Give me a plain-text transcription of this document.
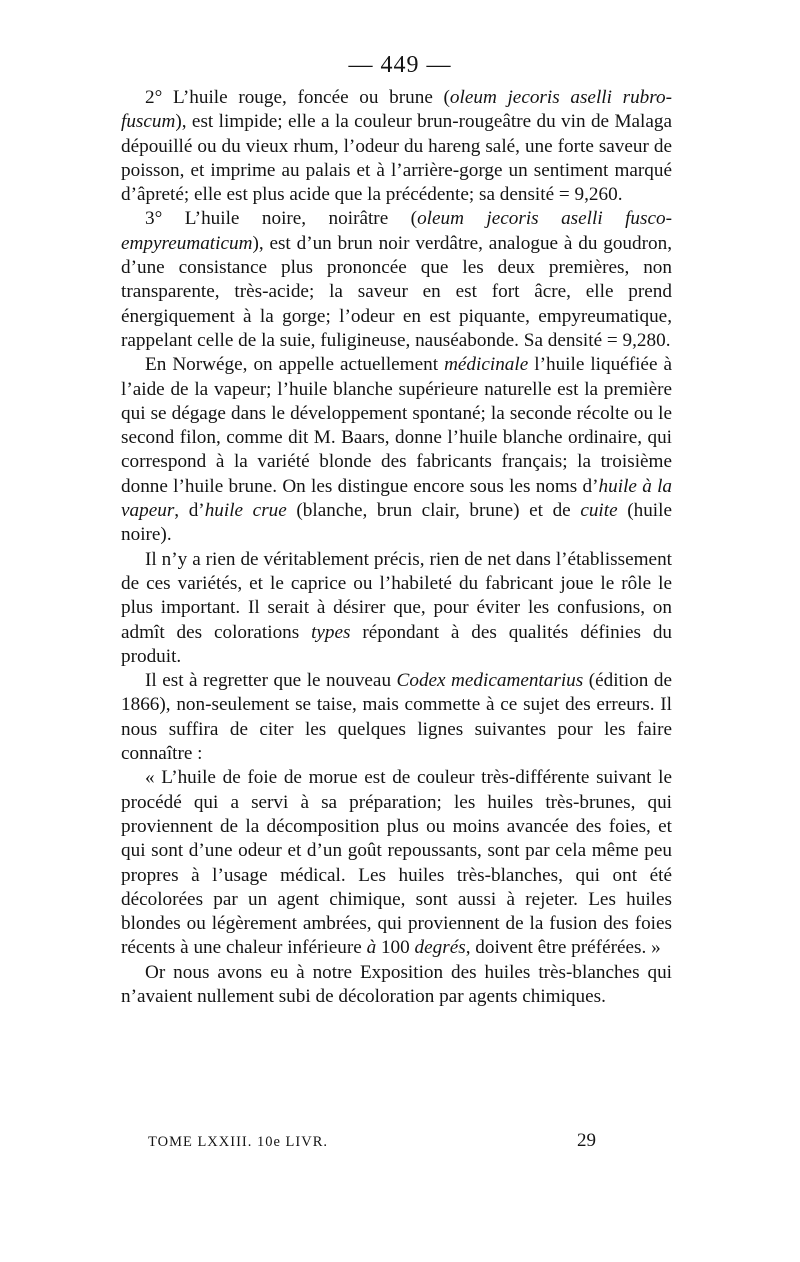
— 449 —

2° L’huile rouge, foncée ou brune (oleum jecoris aselli rubro-fuscum), est limpide; elle a la couleur brun-rougeâtre du vin de Malaga dépouillé ou du vieux rhum, l’odeur du hareng salé, une forte saveur de poisson, et imprime au palais et à l’arrière-gorge un sentiment marqué d’âpreté; elle est plus acide que la précédente; sa densité = 9,260.

3° L’huile noire, noirâtre (oleum jecoris aselli fusco-empyreumaticum), est d’un brun noir verdâtre, analogue à du goudron, d’une consistance plus prononcée que les deux premières, non transparente, très-acide; la saveur en est fort âcre, elle prend énergiquement à la gorge; l’odeur en est piquante, empyreumatique, rappelant celle de la suie, fuligineuse, nauséabonde. Sa densité = 9,280.

En Norwége, on appelle actuellement médicinale l’huile liquéfiée à l’aide de la vapeur; l’huile blanche supérieure naturelle est la première qui se dégage dans le développement spontané; la seconde récolte ou le second filon, comme dit M. Baars, donne l’huile blanche ordinaire, qui correspond à la variété blonde des fabricants français; la troisième donne l’huile brune. On les distingue encore sous les noms d’huile à la vapeur, d’huile crue (blanche, brun clair, brune) et de cuite (huile noire).

Il n’y a rien de véritablement précis, rien de net dans l’établissement de ces variétés, et le caprice ou l’habileté du fabricant joue le rôle le plus important. Il serait à désirer que, pour éviter les confusions, on admît des colorations types répondant à des qualités définies du produit.

Il est à regretter que le nouveau Codex medicamentarius (édition de 1866), non-seulement se taise, mais commette à ce sujet des erreurs. Il nous suffira de citer les quelques lignes suivantes pour les faire connaître :

« L’huile de foie de morue est de couleur très-différente suivant le procédé qui a servi à sa préparation; les huiles très-brunes, qui proviennent de la décomposition plus ou moins avancée des foies, et qui sont d’une odeur et d’un goût repoussants, sont par cela même peu propres à l’usage médical. Les huiles très-blanches, qui ont été décolorées par un agent chimique, sont aussi à rejeter. Les huiles blondes ou légèrement ambrées, qui proviennent de la fusion des foies récents à une chaleur inférieure à 100 degrés, doivent être préférées. »

Or nous avons eu à notre Exposition des huiles très-blanches qui n’avaient nullement subi de décoloration par agents chimiques.

TOME LXXIII. 10e LIVR.	29
